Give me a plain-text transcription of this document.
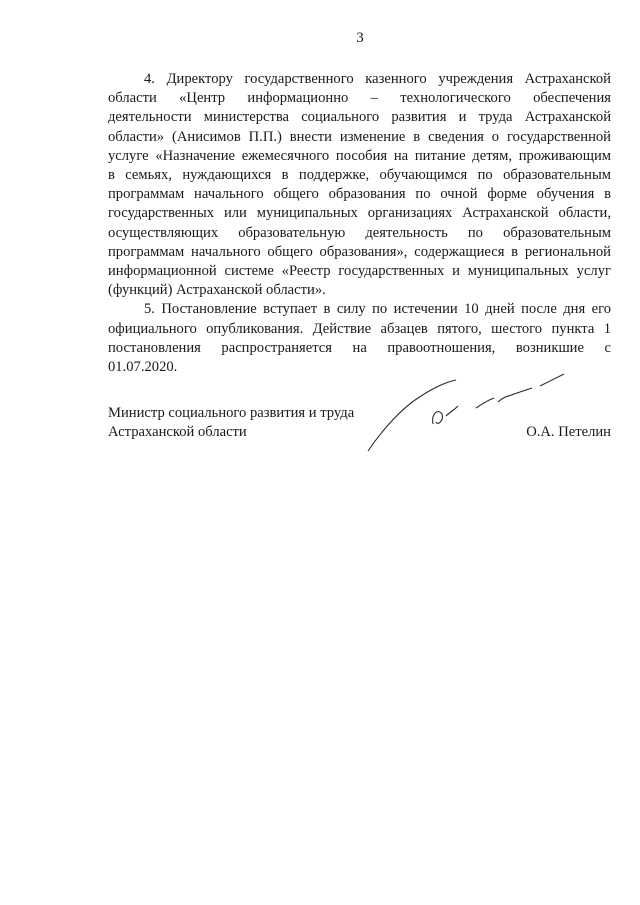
3
4. Директору государственного казенного учреждения Астраханской
области «Центр информационно – технологического обеспечения
деятельности министерства социального развития и труда Астраханской
области» (Анисимов П.П.) внести изменение в сведения о государственной
услуге «Назначение ежемесячного пособия на питание детям, проживающим
в семьях, нуждающихся в поддержке, обучающимся по образовательным
программам начального общего образования по очной форме обучения в
государственных или муниципальных организациях Астраханской области,
осуществляющих образовательную деятельность по образовательным
программам начального общего образования», содержащиеся в региональной
информационной системе «Реестр государственных и муниципальных услуг
(функций) Астраханской области».
5. Постановление вступает в силу по истечении 10 дней после дня его
официального опубликования. Действие абзацев пятого, шестого пункта 1
постановления распространяется на правоотношения, возникшие с
01.07.2020.
Министр социального развития и труда
Астраханской области	О.А. Петелин
